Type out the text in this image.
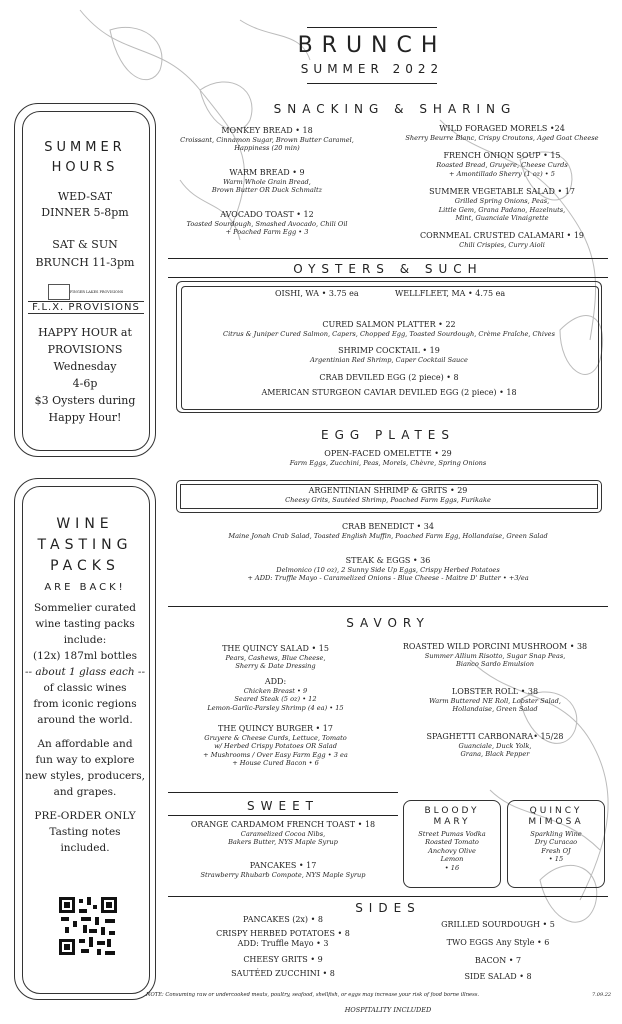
BRUNCH
SUMMER 2022
SUMMER
HOURS
WED-SAT
DINNER 5-8pm
SAT & SUN
BRUNCH 11-3pm
FINGER LAKES PROVISIONS
F.L.X. PROVISIONS
HAPPY HOUR at
PROVISIONS
Wednesday
4-6p
$3 Oysters during
Happy Hour!
WINE
TASTING
PACKS
ARE BACK!
Sommelier curated
wine tasting packs
include:
(12x) 187ml bottles
-- about 1 glass each --
of classic wines
from iconic regions
around the world.
An affordable and
fun way to explore
new styles, producers,
and grapes.
PRE-ORDER ONLY
Tasting notes
included.
SNACKING & SHARING
MONKEY BREAD • 18
Croissant, Cinnamon Sugar, Brown Butter Caramel,
Happiness (20 min)
WARM BREAD • 9
Warm Whole Grain Bread,
Brown Butter OR Duck Schmaltz
AVOCADO TOAST • 12
Toasted Sourdough, Smashed Avocado, Chili Oil
+ Poached Farm Egg • 3
WILD FORAGED MORELS •24
Sherry Beurre Blanc, Crispy Croutons, Aged Goat Cheese
FRENCH ONION SOUP • 15
Roasted Bread, Gruyere, Cheese Curds
+ Amontillado Sherry (1 oz) • 5
SUMMER VEGETABLE SALAD • 17
Grilled Spring Onions, Peas,
Little Gem, Grana Padano, Hazelnuts,
Mint, Guanciale Vinaigrette
CORNMEAL CRUSTED CALAMARI • 19
Chili Crispies, Curry Aioli
OYSTERS & SUCH
OISHI, WA • 3.75 ea	WELLFLEET, MA • 4.75 ea
CURED SALMON PLATTER • 22
Citrus & Juniper Cured Salmon, Capers, Chopped Egg, Toasted Sourdough, Crème Fraîche, Chives
SHRIMP COCKTAIL • 19
Argentinian Red Shrimp, Caper Cocktail Sauce
CRAB DEVILED EGG (2 piece) • 8
AMERICAN STURGEON CAVIAR DEVILED EGG (2 piece) • 18
EGG PLATES
OPEN-FACED OMELETTE • 29
Farm Eggs, Zucchini, Peas, Morels, Chèvre, Spring Onions
ARGENTINIAN SHRIMP & GRITS • 29
Cheesy Grits, Sautéed Shrimp, Poached Farm Eggs, Furikake
CRAB BENEDICT • 34
Maine Jonah Crab Salad, Toasted English Muffin, Poached Farm Egg, Hollandaise, Green Salad
STEAK & EGGS • 36
Delmonico (10 oz), 2 Sunny Side Up Eggs, Crispy Herbed Potatoes
+ ADD: Truffle Mayo - Caramelized Onions - Blue Cheese - Maitre D' Butter • +3/ea
SAVORY
THE QUINCY SALAD • 15
Pears, Cashews, Blue Cheese,
Sherry & Date Dressing
ADD:
Chicken Breast • 9
Seared Steak (5 oz) • 12
Lemon-Garlic-Parsley Shrimp (4 ea) • 15
THE QUINCY BURGER • 17
Gruyere & Cheese Curds, Lettuce, Tomato
w/ Herbed Crispy Potatoes OR Salad
+ Mushrooms / Over Easy Farm Egg • 3 ea
+ House Cured Bacon • 6
ROASTED WILD PORCINI MUSHROOM • 38
Summer Allium Risotto, Sugar Snap Peas,
Bianco Sardo Emulsion
LOBSTER ROLL • 38
Warm Buttered NE Roll, Lobster Salad,
Hollandaise, Green Salad
SPAGHETTI CARBONARA• 15/28
Guanciale, Duck Yolk,
Grana, Black Pepper
SWEET
ORANGE CARDAMOM FRENCH TOAST • 18
Caramelized Cocoa Nibs,
Bakers Butter, NYS Maple Syrup
PANCAKES • 17
Strawberry Rhubarb Compote, NYS Maple Syrup
BLOODY
MARY
Street Pumas Vodka
Roasted Tomato
Anchovy Olive
Lemon
• 16
QUINCY
MIMOSA
Sparkling Wine
Dry Curacao
Fresh OJ
• 15
SIDES
PANCAKES (2x) • 8
CRISPY HERBED POTATOES • 8
ADD: Truffle Mayo • 3
CHEESY GRITS • 9
SAUTÉED ZUCCHINI • 8
GRILLED SOURDOUGH • 5
TWO EGGS Any Style • 6
BACON • 7
SIDE SALAD • 8
NOTE: Consuming raw or undercooked meats, poultry, seafood, shellfish, or eggs may increase your risk of food borne illness.	7.09.22
HOSPITALITY INCLUDED
